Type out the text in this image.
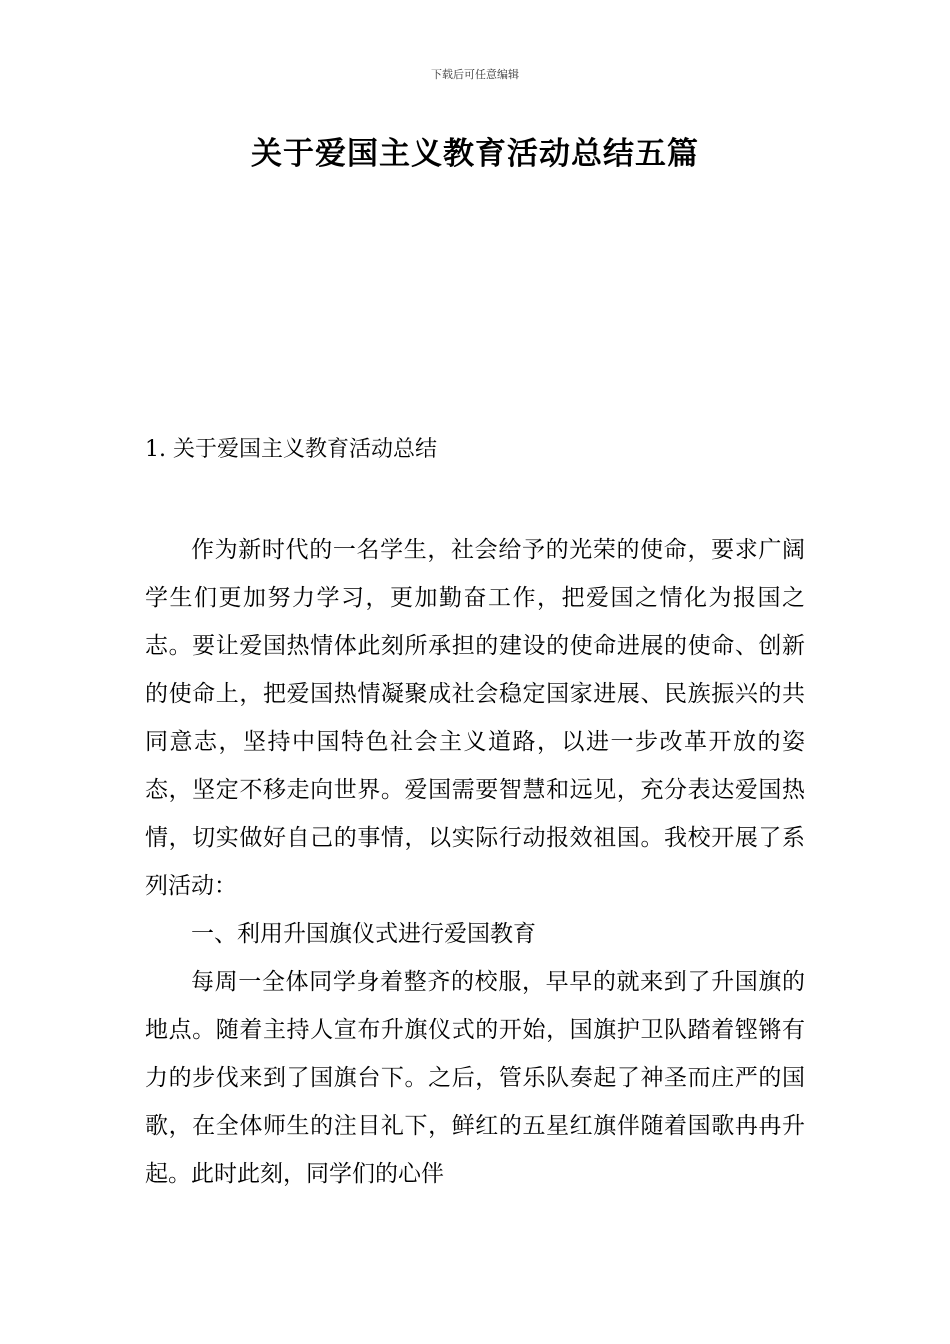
下载后可任意编辑
关于爱国主义教育活动总结五篇
1. 关于爱国主义教育活动总结

作为新时代的一名学生，社会给予的光荣的使命，要求广阔学生们更加努力学习，更加勤奋工作，把爱国之情化为报国之志。要让爱国热情体此刻所承担的建设的使命进展的使命、创新的使命上，把爱国热情凝聚成社会稳定国家进展、民族振兴的共同意志，坚持中国特色社会主义道路，以进一步改革开放的姿态，坚定不移走向世界。爱国需要智慧和远见，充分表达爱国热情，切实做好自己的事情，以实际行动报效祖国。我校开展了系列活动：

一、利用升国旗仪式进行爱国教育

每周一全体同学身着整齐的校服，早早的就来到了升国旗的地点。随着主持人宣布升旗仪式的开始，国旗护卫队踏着铿锵有力的步伐来到了国旗台下。之后，管乐队奏起了神圣而庄严的国歌，在全体师生的注目礼下，鲜红的五星红旗伴随着国歌冉冉升起。此时此刻，同学们的心伴
